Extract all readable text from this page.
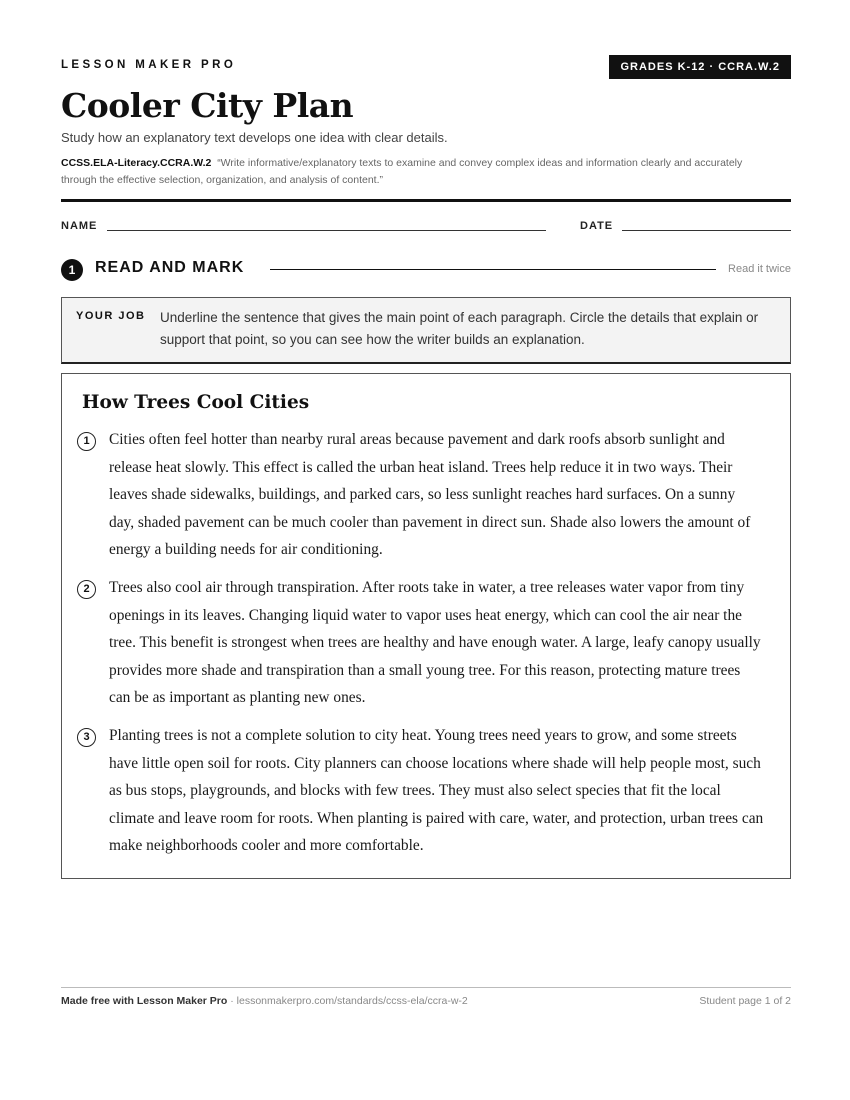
LESSON MAKER PRO	GRADES K-12 · CCRA.W.2
Cooler City Plan
Study how an explanatory text develops one idea with clear details.
CCSS.ELA-Literacy.CCRA.W.2 “Write informative/explanatory texts to examine and convey complex ideas and information clearly and accurately through the effective selection, organization, and analysis of content.”
NAME	DATE
1	READ AND MARK	Read it twice
YOUR JOB Underline the sentence that gives the main point of each paragraph. Circle the details that explain or support that point, so you can see how the writer builds an explanation.
How Trees Cool Cities
1	Cities often feel hotter than nearby rural areas because pavement and dark roofs absorb sunlight and release heat slowly. This effect is called the urban heat island. Trees help reduce it in two ways. Their leaves shade sidewalks, buildings, and parked cars, so less sunlight reaches hard surfaces. On a sunny day, shaded pavement can be much cooler than pavement in direct sun. Shade also lowers the amount of energy a building needs for air conditioning.
2	Trees also cool air through transpiration. After roots take in water, a tree releases water vapor from tiny openings in its leaves. Changing liquid water to vapor uses heat energy, which can cool the air near the tree. This benefit is strongest when trees are healthy and have enough water. A large, leafy canopy usually provides more shade and transpiration than a small young tree. For this reason, protecting mature trees can be as important as planting new ones.
3	Planting trees is not a complete solution to city heat. Young trees need years to grow, and some streets have little open soil for roots. City planners can choose locations where shade will help people most, such as bus stops, playgrounds, and blocks with few trees. They must also select species that fit the local climate and leave room for roots. When planting is paired with care, water, and protection, urban trees can make neighborhoods cooler and more comfortable.
Made free with Lesson Maker Pro · lessonmakerpro.com/standards/ccss-ela/ccra-w-2	Student page 1 of 2
